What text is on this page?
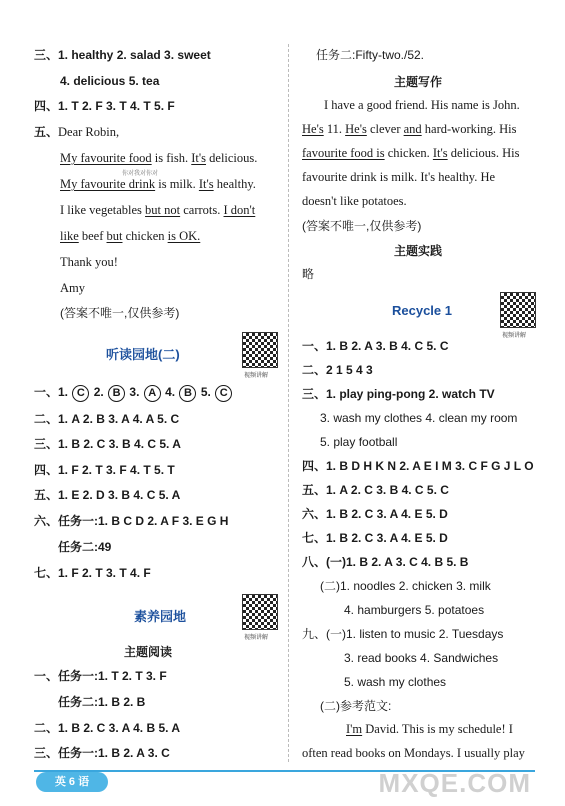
三、1. healthy 2. salad 3. sweet
4. delicious 5. tea
四、1. T 2. F 3. T 4. T 5. F
五、Dear Robin,
你对我对你对
My favourite food is fish. It's delicious.
My favourite drink is milk. It's healthy.
I like vegetables but not carrots. I don't
like beef but chicken is OK.
Thank you!
Amy
(答案不唯一,仅供参考)
听读园地(二)
视频讲解
一、1. C 2. B 3. A 4. B 5. C
二、1. A 2. B 3. A 4. A 5. C
三、1. B 2. C 3. B 4. C 5. A
四、1. F 2. T 3. F 4. T 5. T
五、1. E 2. D 3. B 4. C 5. A
六、任务一:1. B C D 2. A F 3. E G H
任务二:49
七、1. F 2. T 3. T 4. F
素养园地
视频讲解
主题阅读
一、任务一:1. T 2. T 3. F
任务二:1. B 2. B
二、1. B 2. C 3. A 4. B 5. A
三、任务一:1. B 2. A 3. C
任务二:Fifty-two./52.
主题写作
I have a good friend. His name is John.
He's 11. He's clever and hard-working. His
favourite food is chicken. It's delicious. His
favourite drink is milk. It's healthy. He
doesn't like potatoes.
(答案不唯一,仅供参考)
主题实践
略
Recycle 1
视频讲解
一、1. B 2. A 3. B 4. C 5. C
二、2 1 5 4 3
三、1. play ping-pong 2. watch TV
3. wash my clothes 4. clean my room
5. play football
四、1. B D H K N 2. A E I M 3. C F G J L O
五、1. A 2. C 3. B 4. C 5. C
六、1. B 2. C 3. A 4. E 5. D
七、1. B 2. C 3. A 4. E 5. D
八、(一)1. B 2. A 3. C 4. B 5. B
(二)1. noodles 2. chicken 3. milk
4. hamburgers 5. potatoes
九、(一)1. listen to music 2. Tuesdays
3. read books 4. Sandwiches
5. wash my clothes
(二)参考范文:
I'm David. This is my schedule! I
often read books on Mondays. I usually play
英 6 语	MXQE.COM
